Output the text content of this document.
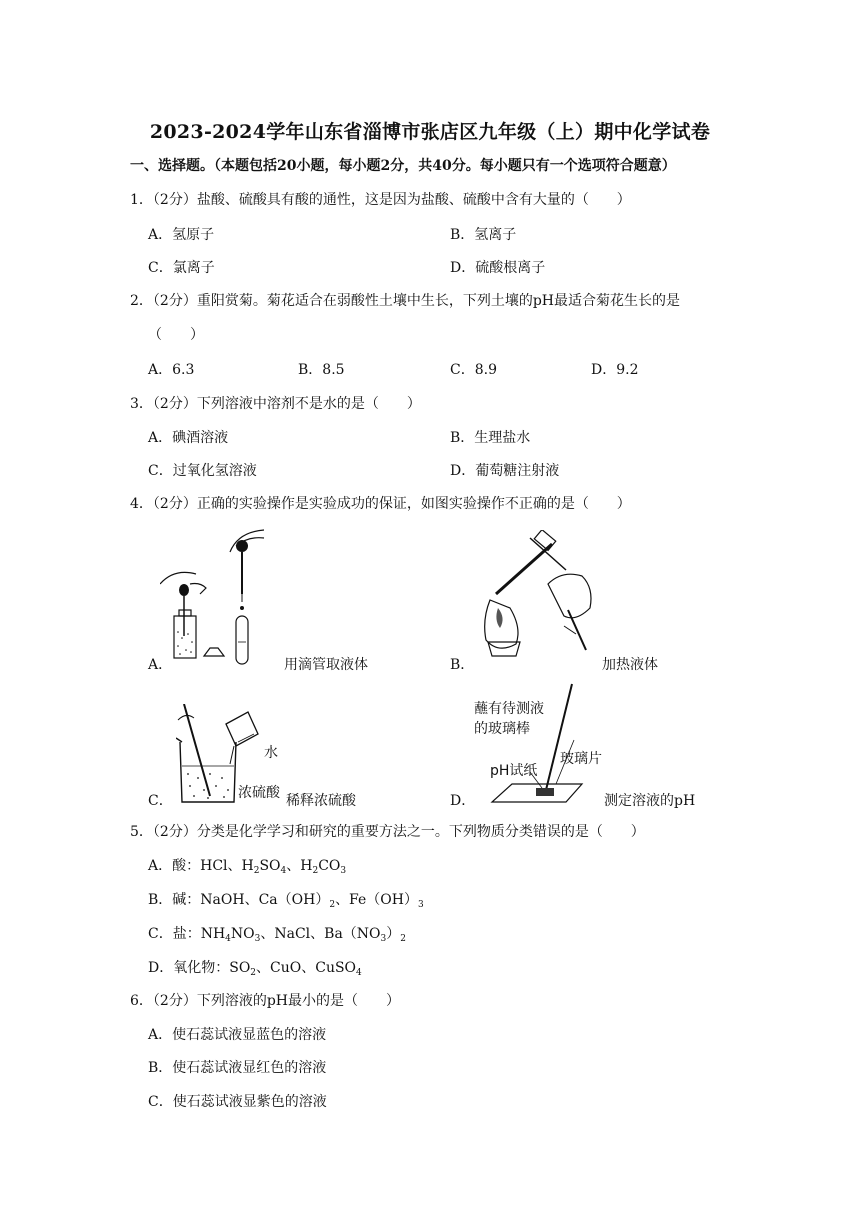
2023-2024学年山东省淄博市张店区九年级（上）期中化学试卷
一、选择题。（本题包括20小题，每小题2分，共40分。每小题只有一个选项符合题意）
1．（2分）盐酸、硫酸具有酸的通性，这是因为盐酸、硫酸中含有大量的（　　）
A．氢原子	B．氢离子
C．氯离子	D．硫酸根离子
2．（2分）重阳赏菊。菊花适合在弱酸性土壤中生长，下列土壤的pH最适合菊花生长的是
（　　）
A．6.3	B．8.5	C．8.9	D．9.2
3．（2分）下列溶液中溶剂不是水的是（　　）
A．碘酒溶液	B．生理盐水
C．过氧化氢溶液	D．葡萄糖注射液
4．（2分）正确的实验操作是实验成功的保证，如图实验操作不正确的是（　　）
A．	用滴管取液体	B．	加热液体
水
浓硫酸
C．	稀释浓硫酸
蘸有待测液
的玻璃棒
pH试纸
玻璃片
D．	测定溶液的pH
5．（2分）分类是化学学习和研究的重要方法之一。下列物质分类错误的是（　　）
A．酸：HCl、$H_2SO_4$、$H_2CO_3$
B．碱：NaOH、$Ca(OH)_2$、$Fe(OH)_3$
C．盐：$NH_4NO_3$、NaCl、$Ba(NO_3)_2$
D．氧化物：$SO_2$、CuO、CuSO$_4$
6．（2分）下列溶液的pH最小的是（　　）
A．使石蕊试液显蓝色的溶液
B．使石蕊试液显红色的溶液
C．使石蕊试液显紫色的溶液
